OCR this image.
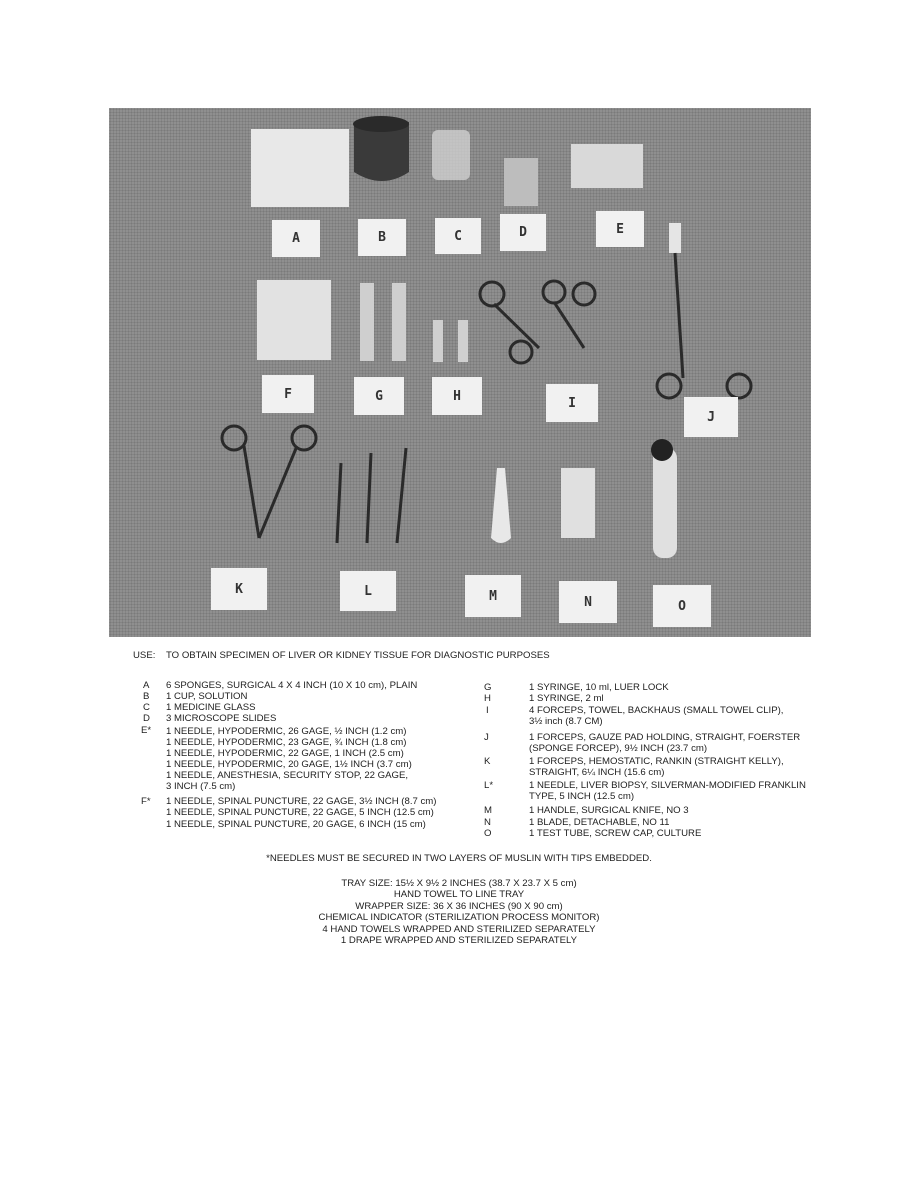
A	B	C	D	E
F	G	H	I
J
K	L	M	N	O
USE: TO OBTAIN SPECIMEN OF LIVER OR KIDNEY TISSUE FOR DIAGNOSTIC PURPOSES
A 6 SPONGES, SURGICAL 4 X 4 INCH (10 X 10 cm), PLAIN
B 1 CUP, SOLUTION
C 1 MEDICINE GLASS
D 3 MICROSCOPE SLIDES
E* 1 NEEDLE, HYPODERMIC, 26 GAGE, ½ INCH (1.2 cm)
1 NEEDLE, HYPODERMIC, 23 GAGE, ¾ INCH (1.8 cm)
1 NEEDLE, HYPODERMIC, 22 GAGE, 1 INCH (2.5 cm)
1 NEEDLE, HYPODERMIC, 20 GAGE, 1½ INCH (3.7 cm)
1 NEEDLE, ANESTHESIA, SECURITY STOP, 22 GAGE,
3 INCH (7.5 cm)
F* 1 NEEDLE, SPINAL PUNCTURE, 22 GAGE, 3½ INCH (8.7 cm)
1 NEEDLE, SPINAL PUNCTURE, 22 GAGE, 5 INCH (12.5 cm)
1 NEEDLE, SPINAL PUNCTURE, 20 GAGE, 6 INCH (15 cm)
G	1 SYRINGE, 10 ml, LUER LOCK
H	1 SYRINGE, 2 ml
I	4 FORCEPS, TOWEL, BACKHAUS (SMALL TOWEL CLIP),
3½ inch (8.7 CM)
J	1 FORCEPS, GAUZE PAD HOLDING, STRAIGHT, FOERSTER
(SPONGE FORCEP), 9½ INCH (23.7 cm)
K	1 FORCEPS, HEMOSTATIC, RANKIN (STRAIGHT KELLY),
STRAIGHT, 6¼ INCH (15.6 cm)
L*	1 NEEDLE, LIVER BIOPSY, SILVERMAN-MODIFIED FRANKLIN
TYPE, 5 INCH (12.5 cm)
M	1 HANDLE, SURGICAL KNIFE, NO 3
N	1 BLADE, DETACHABLE, NO 11
O	1 TEST TUBE, SCREW CAP, CULTURE
*NEEDLES MUST BE SECURED IN TWO LAYERS OF MUSLIN WITH TIPS EMBEDDED.
TRAY SIZE: 15½ X 9½ 2 INCHES (38.7 X 23.7 X 5 cm)
HAND TOWEL TO LINE TRAY
WRAPPER SIZE: 36 X 36 INCHES (90 X 90 cm)
CHEMICAL INDICATOR (STERILIZATION PROCESS MONITOR)
4 HAND TOWELS WRAPPED AND STERILIZED SEPARATELY
1 DRAPE WRAPPED AND STERILIZED SEPARATELY
